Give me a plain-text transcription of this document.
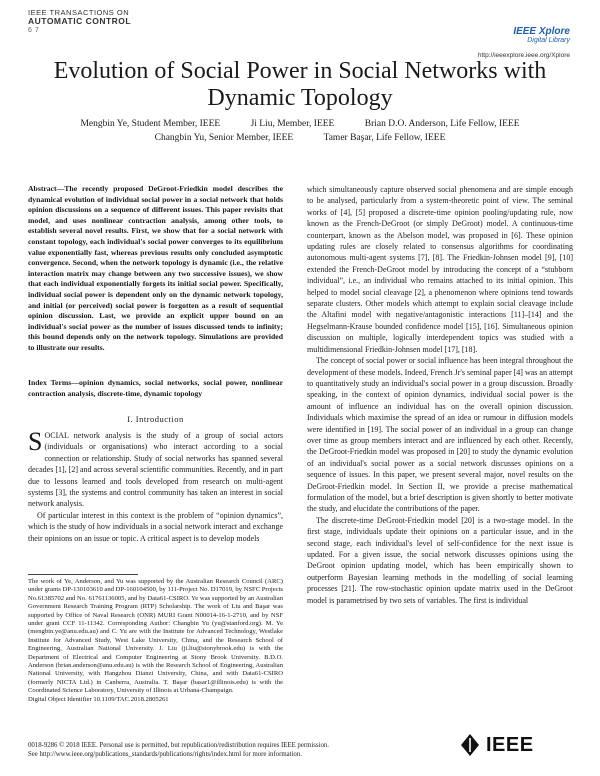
IEEE TRANSACTIONS ON
AUTOMATIC CONTROL
6 7	IEEE Xplore
Digital Library
http://ieeexplore.ieee.org/Xplore
Evolution of Social Power in Social Networks with Dynamic Topology
Mengbin Ye, Student Member, IEEE	Ji Liu, Member, IEEE	Brian D.O. Anderson, Life Fellow, IEEE
Changbin Yu, Senior Member, IEEE	Tamer Başar, Life Fellow, IEEE
Abstract—The recently proposed DeGroot-Friedkin model describes the dynamical evolution of individual social power in a social network that holds opinion discussions on a sequence of different issues. This paper revisits that model, and uses nonlinear contraction analysis, among other tools, to establish several novel results. First, we show that for a social network with constant topology, each individual's social power converges to its equilibrium value exponentially fast, whereas previous results only concluded asymptotic convergence. Second, when the network topology is dynamic (i.e., the relative interaction matrix may change between any two successive issues), we show that each individual exponentially forgets its initial social power. Specifically, individual social power is dependent only on the dynamic network topology, and initial (or perceived) social power is forgotten as a result of sequential opinion discussion. Last, we provide an explicit upper bound on an individual's social power as the number of issues discussed tends to infinity; this bound depends only on the network topology. Simulations are provided to illustrate our results.
Index Terms—opinion dynamics, social networks, social power, nonlinear contraction analysis, discrete-time, dynamic topology
I. Introduction

SOCIAL network analysis is the study of a group of social actors (individuals or organisations) who interact according to a social connection or relationship. Study of social networks has spanned several decades [1], [2] and across several scientific communities. Recently, and in part due to lessons learned and tools developed from research on multi-agent systems [3], the systems and control community has taken an interest in social network analysis.

Of particular interest in this context is the problem of “opinion dynamics”, which is the study of how individuals in a social network interact and exchange their opinions on an issue or topic. A critical aspect is to develop models

The work of Ye, Anderson, and Yu was supported by the Australian Research Council (ARC) under grants DP-130103610 and DP-160104500, by 111-Project No. D17019, by NSFC Projects No.61385702 and No. 61761136005, and by Data61-CSIRO. Ye was supported by an Australian Government Research Training Program (RTP) Scholarship. The work of Liu and Başar was supported by Office of Naval Research (ONR) MURI Grant N00014-16-1-2710, and by NSF under grant CCF 11-11342. Corresponding Author: Changbin Yu (yu@stanford.org). M. Ye (mengbin.ye@anu.edu.au) and C. Yu are with the Institute for Advanced Technology, Westlake Institute for Advanced Study, West Lake University, China, and the Research School of Engineering, Australian National University. J. Liu (ji.liu@stonybrook.edu) is with the Department of Electrical and Computer Engineering at Stony Brook University. B.D.O. Anderson (brian.anderson@anu.edu.au) is with the Research School of Engineering, Australian National University, with Hangzhou Dianzi University, China, and with Data61-CSIRO (formerly NICTA Ltd.) in Canberra, Australia. T. Başar (basar1@illinois.edu) is with the Coordinated Science Laboratory, University of Illinois at Urbana-Champaign.

Digital Object Identifier 10.1109/TAC.2018.2805261

which simultaneously capture observed social phenomena and are simple enough to be analysed, particularly from a system-theoretic point of view. The seminal works of [4], [5] proposed a discrete-time opinion pooling/updating rule, now known as the French-DeGroot (or simply DeGroot) model. A continuous-time counterpart, known as the Abelson model, was proposed in [6]. These opinion updating rules are closely related to consensus algorithms for coordinating autonomous multi-agent systems [7], [8]. The Friedkin-Johnsen model [9], [10] extended the French-DeGroot model by introducing the concept of a “stubborn individual”, i.e., an individual who remains attached to its initial opinion. This helped to model social cleavage [2], a phenomenon where opinions tend towards separate clusters. Other models which attempt to explain social cleavage include the Altafini model with negative/antagonistic interactions [11]–[14] and the Hegselmann-Krause bounded confidence model [15], [16]. Simultaneous opinion discussion on multiple, logically interdependent topics was studied with a multidimensional Friedkin-Johnsen model [17], [18].

The concept of social power or social influence has been integral throughout the development of these models. Indeed, French Jr's seminal paper [4] was an attempt to quantitatively study an individual's social power in a group discussion. Broadly speaking, in the context of opinion dynamics, individual social power is the amount of influence an individual has on the overall opinion discussion. Individuals which maximise the spread of an idea or rumour in diffusion models were identified in [19]. The social power of an individual in a group can change over time as group members interact and are influenced by each other. Recently, the DeGroot-Friedkin model was proposed in [20] to study the dynamic evolution of an individual's social power as a social network discusses opinions on a sequence of issues. In this paper, we present several major, novel results on the DeGroot-Friedkin model. In Section II, we provide a precise mathematical formulation of the model, but a brief description is given shortly to better motivate the study, and elucidate the contributions of the paper.

The discrete-time DeGroot-Friedkin model [20] is a two-stage model. In the first stage, individuals update their opinions on a particular issue, and in the second stage, each individual's level of self-confidence for the next issue is updated. For a given issue, the social network discusses opinions using the DeGroot opinion updating model, which has been empirically shown to outperform Bayesian learning methods in the modelling of social learning processes [21]. The row-stochastic opinion update matrix used in the DeGroot model is parametrised by two sets of variables. The first is individual

0018-9286 © 2018 IEEE. Personal use is permitted, but republication/redistribution requires IEEE permission.
See http://www.ieee.org/publications_standards/publications/rights/index.html for more information.	IEEE
